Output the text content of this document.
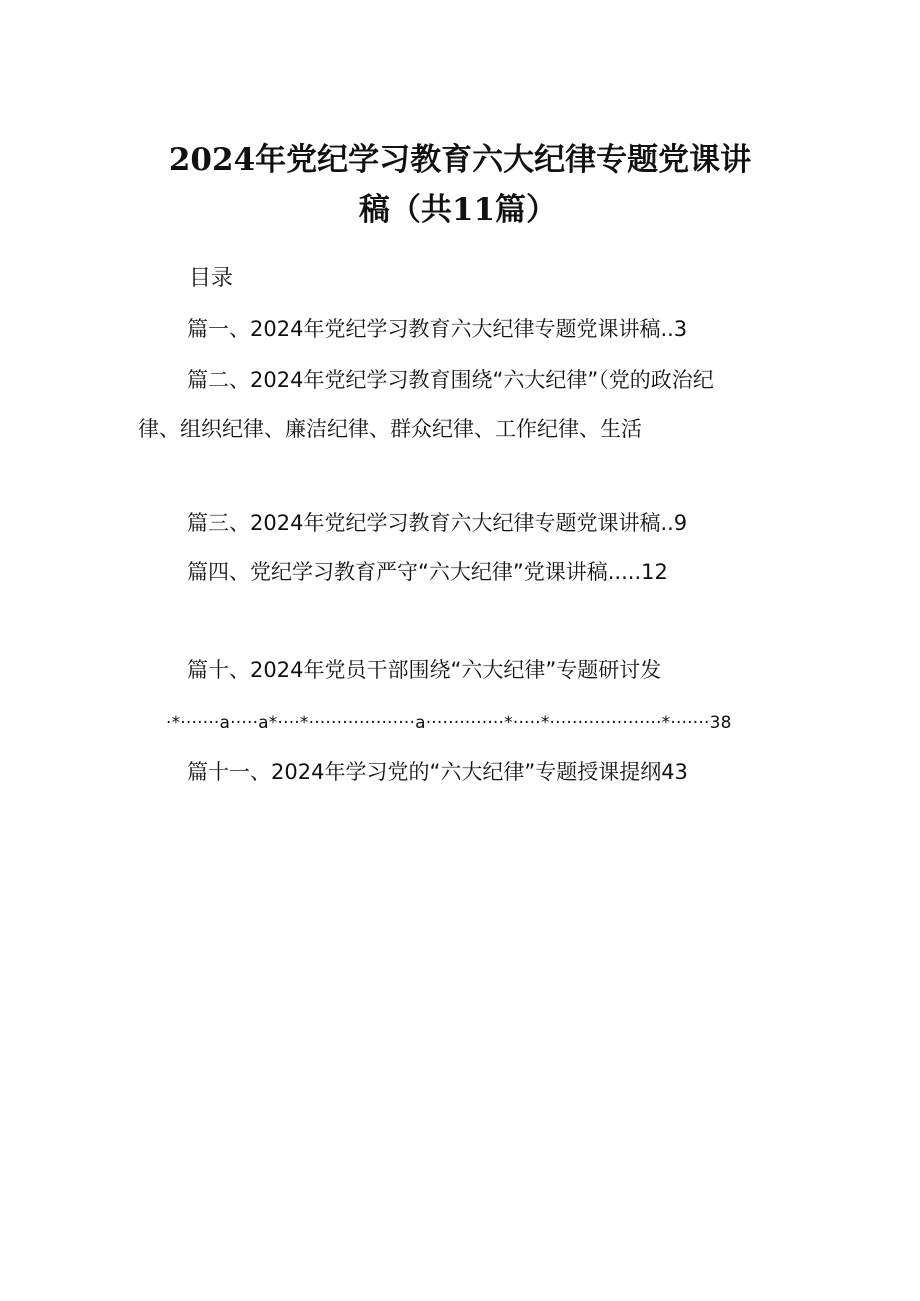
2024年党纪学习教育六大纪律专题党课讲
稿（共11篇）

目录

篇一、2024年党纪学习教育六大纪律专题党课讲稿..3

篇二、2024年党纪学习教育围绕“六大纪律”（党的政治纪

律、组织纪律、廉洁纪律、群众纪律、工作纪律、生活

篇三、2024年党纪学习教育六大纪律专题党课讲稿..9

篇四、党纪学习教育严守“六大纪律”党课讲稿.....12

篇十、2024年党员干部围绕“六大纪律”专题研讨发

·*·······a·····a*····*···················a··············*·····*····················*·······38

篇十一、2024年学习党的“六大纪律”专题授课提纲43
